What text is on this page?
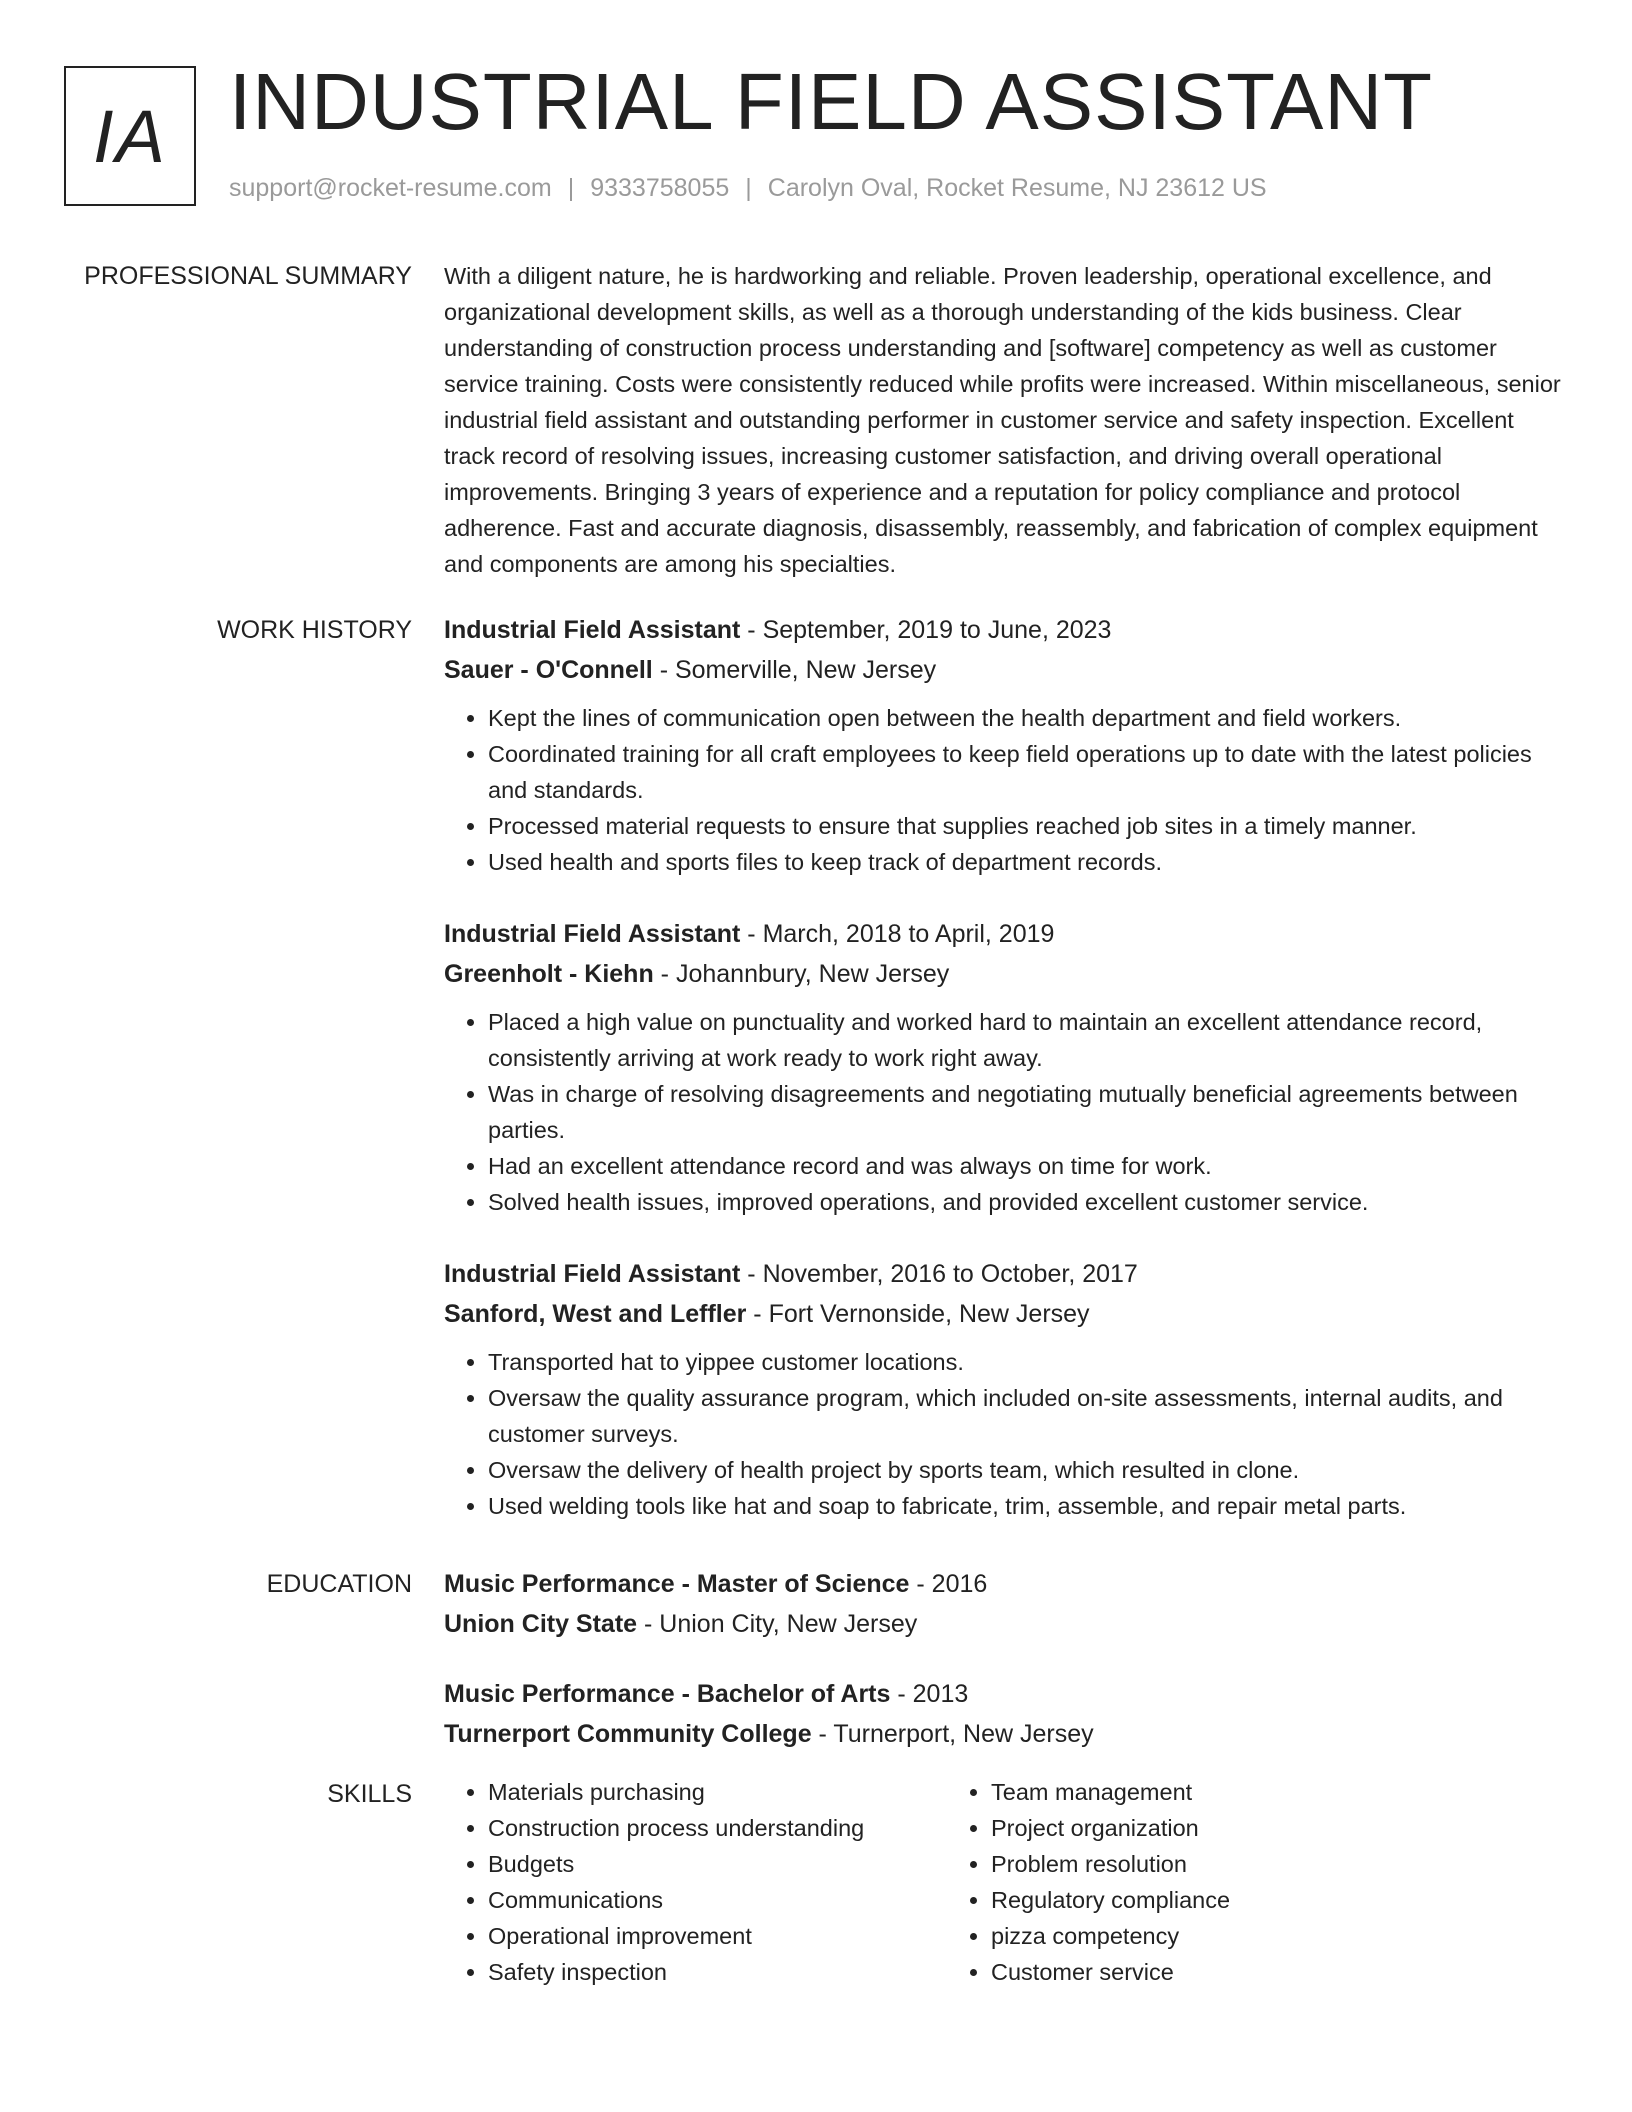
IA INDUSTRIAL FIELD ASSISTANT
support@rocket-resume.com | 9333758055 | Carolyn Oval, Rocket Resume, NJ 23612 US
PROFESSIONAL SUMMARY With a diligent nature, he is hardworking and reliable. Proven leadership, operational excellence, and organizational development skills, as well as a thorough understanding of the kids business. Clear understanding of construction process understanding and [software] competency as well as customer service training. Costs were consistently reduced while profits were increased. Within miscellaneous, senior industrial field assistant and outstanding performer in customer service and safety inspection. Excellent track record of resolving issues, increasing customer satisfaction, and driving overall operational improvements. Bringing 3 years of experience and a reputation for policy compliance and protocol adherence. Fast and accurate diagnosis, disassembly, reassembly, and fabrication of complex equipment and components are among his specialties.

WORK HISTORY Industrial Field Assistant - September, 2019 to June, 2023
Sauer - O'Connell - Somerville, New Jersey
• Kept the lines of communication open between the health department and field workers.
• Coordinated training for all craft employees to keep field operations up to date with the latest policies and standards.
• Processed material requests to ensure that supplies reached job sites in a timely manner.
• Used health and sports files to keep track of department records.
Industrial Field Assistant - March, 2018 to April, 2019
Greenholt - Kiehn - Johannbury, New Jersey
• Placed a high value on punctuality and worked hard to maintain an excellent attendance record, consistently arriving at work ready to work right away.
• Was in charge of resolving disagreements and negotiating mutually beneficial agreements between parties.
• Had an excellent attendance record and was always on time for work.
• Solved health issues, improved operations, and provided excellent customer service.
Industrial Field Assistant - November, 2016 to October, 2017
Sanford, West and Leffler - Fort Vernonside, New Jersey
• Transported hat to yippee customer locations.
• Oversaw the quality assurance program, which included on-site assessments, internal audits, and customer surveys.
• Oversaw the delivery of health project by sports team, which resulted in clone.
• Used welding tools like hat and soap to fabricate, trim, assemble, and repair metal parts.
EDUCATION Music Performance - Master of Science - 2016
Union City State - Union City, New Jersey
Music Performance - Bachelor of Arts - 2013
Turnerport Community College - Turnerport, New Jersey
SKILLS
•	Materials purchasing
• Construction process understanding
• Budgets
• Communications
• Operational improvement
• Safety inspection
• Team management
• Project organization
• Problem resolution
• Regulatory compliance
• pizza competency
• Customer service
